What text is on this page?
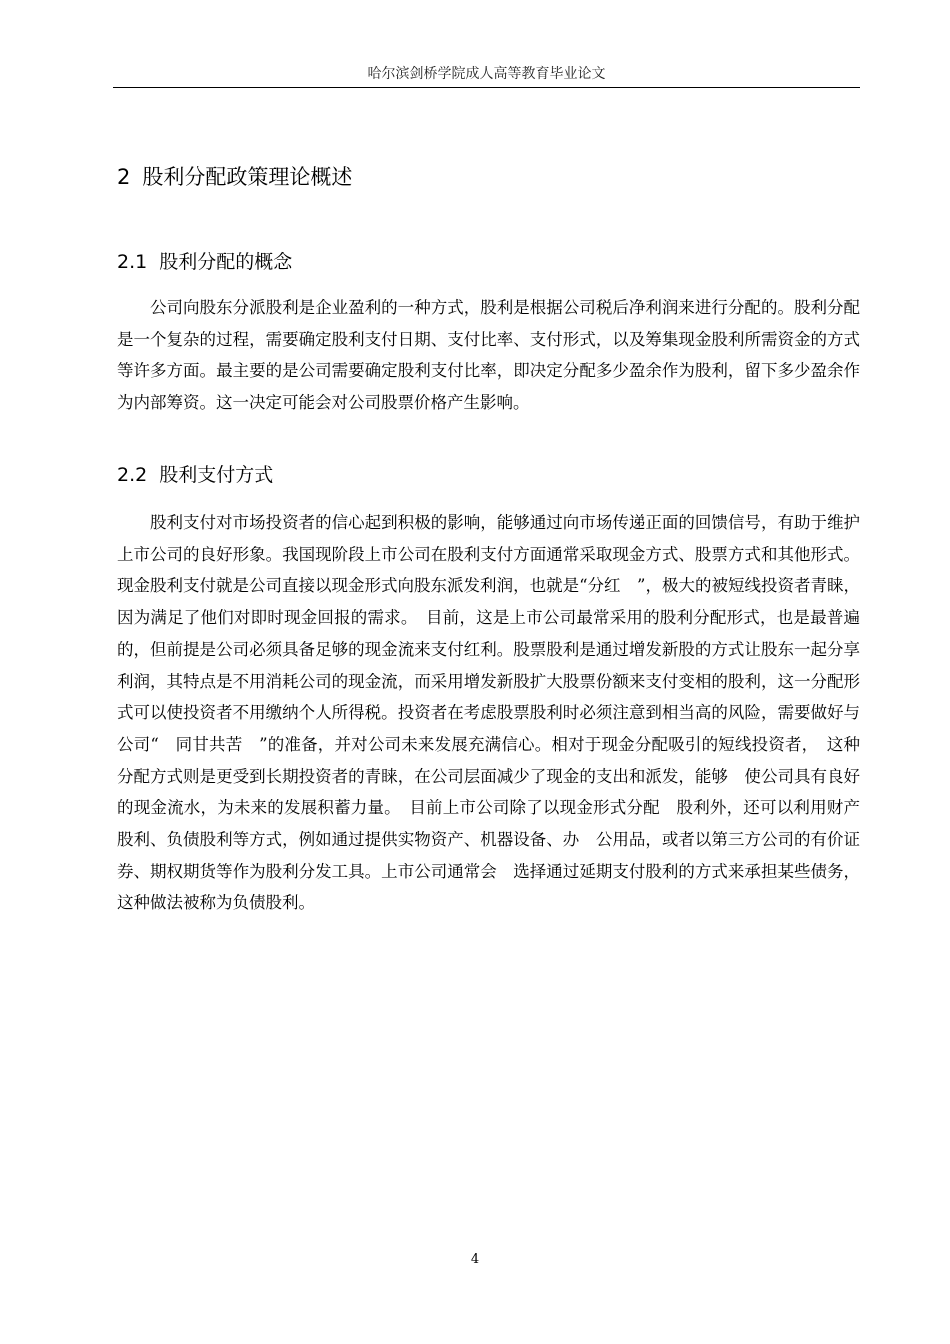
哈尔滨剑桥学院成人高等教育毕业论文
2 股利分配政策理论概述
2.1 股利分配的概念

公司向股东分派股利是企业盈利的一种方式，股利是根据公司税后净利润来进行分配的。股利分配是一个复杂的过程，需要确定股利支付日期、支付比率、支付形式，以及筹集现金股利所需资金的方式等许多方面。最主要的是公司需要确定股利支付比率，即决定分配多少盈余作为股利，留下多少盈余作为内部筹资。这一决定可能会对公司股票价格产生影响。

2.2 股利支付方式

股利支付对市场投资者的信心起到积极的影响，能够通过向市场传递正面的回馈信号，有助于维护上市公司的良好形象。我国现阶段上市公司在股利支付方面通常采取现金方式、股票方式和其他形式。现金股利支付就是公司直接以现金形式向股东派发利润，也就是“分红　”，极大的被短线投资者青睐，因为满足了他们对即时现金回报的需求。　目前，这是上市公司最常采用的股利分配形式，也是最普遍的，但前提是公司必须具备足够的现金流来支付红利。股票股利是通过增发新股的方式让股东一起分享利润，其特点是不用消耗公司的现金流，而采用增发新股扩大股票份额来支付变相的股利，这一分配形式可以使投资者不用缴纳个人所得税。投资者在考虑股票股利时必须注意到相当高的风险，需要做好与公司“　同甘共苦　”的准备，并对公司未来发展充满信心。相对于现金分配吸引的短线投资者，　这种分配方式则是更受到长期投资者的青睐，在公司层面减少了现金的支出和派发，能够　使公司具有良好的现金流水，为未来的发展积蓄力量。　目前上市公司除了以现金形式分配　股利外，还可以利用财产股利、负债股利等方式，例如通过提供实物资产、机器设备、办　公用品，或者以第三方公司的有价证券、期权期货等作为股利分发工具。上市公司通常会　选择通过延期支付股利的方式来承担某些债务，这种做法被称为负债股利。

4
